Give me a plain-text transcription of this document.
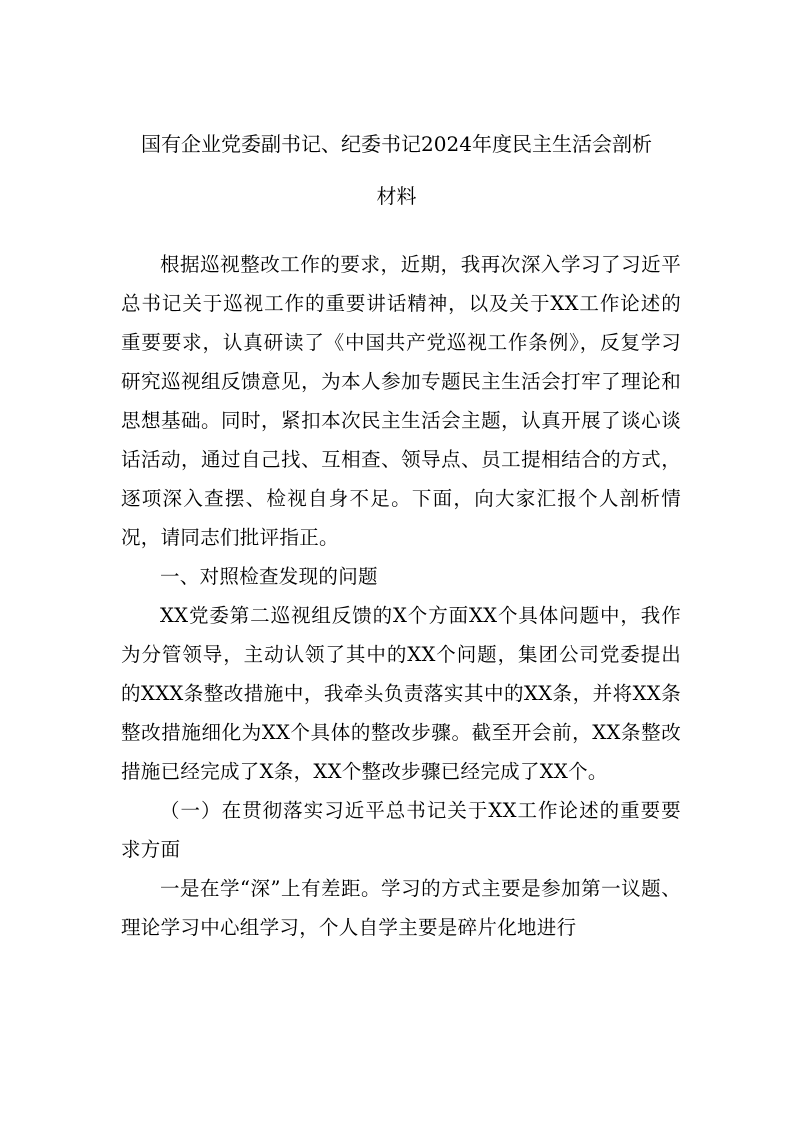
国有企业党委副书记、纪委书记2024年度民主生活会剖析
材料

根据巡视整改工作的要求，近期，我再次深入学习了习近平总书记关于巡视工作的重要讲话精神，以及关于XX工作论述的重要要求，认真研读了《中国共产党巡视工作条例》，反复学习研究巡视组反馈意见，为本人参加专题民主生活会打牢了理论和思想基础。同时，紧扣本次民主生活会主题，认真开展了谈心谈话活动，通过自己找、互相查、领导点、员工提相结合的方式，逐项深入查摆、检视自身不足。下面，向大家汇报个人剖析情况，请同志们批评指正。

一、对照检查发现的问题

XX党委第二巡视组反馈的X个方面XX个具体问题中，我作为分管领导，主动认领了其中的XX个问题，集团公司党委提出的XXX条整改措施中，我牵头负责落实其中的XX条，并将XX条整改措施细化为XX个具体的整改步骤。截至开会前，XX条整改措施已经完成了X条，XX个整改步骤已经完成了XX个。

（一）在贯彻落实习近平总书记关于XX工作论述的重要要求方面

一是在学“深”上有差距。学习的方式主要是参加第一议题、理论学习中心组学习，个人自学主要是碎片化地进行
